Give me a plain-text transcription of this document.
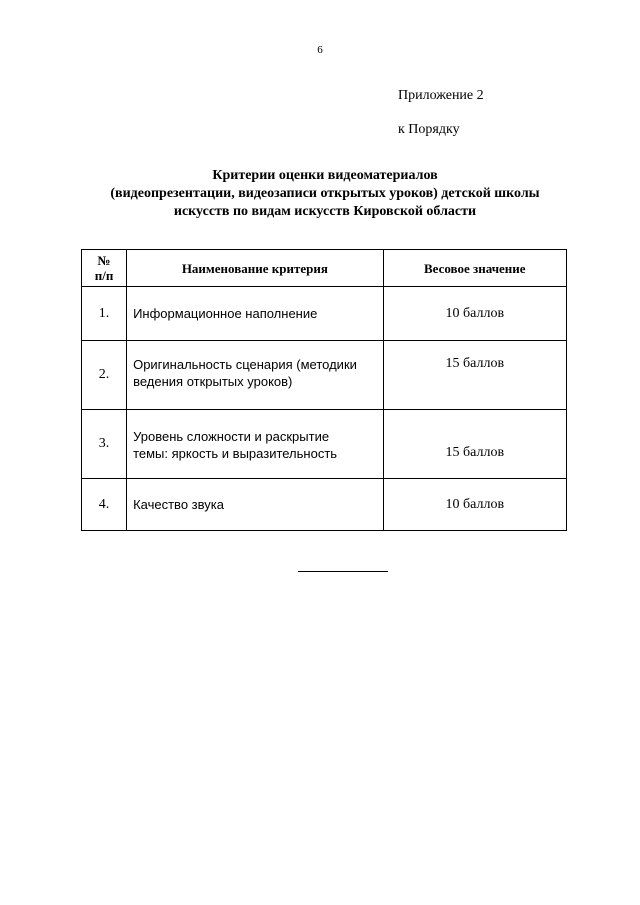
6
Приложение 2
к Порядку
Критерии оценки видеоматериалов
(видеопрезентации, видеозаписи открытых уроков) детской школы
искусств по видам искусств Кировской области
№
п/п	Наименование критерия	Весовое значение
1.	Информационное наполнение	10 баллов
2.	Оригинальность сценария (методики
ведения открытых уроков)	15 баллов
3.	Уровень сложности и раскрытие
темы: яркость и выразительность	15 баллов
4.	Качество звука	10 баллов
